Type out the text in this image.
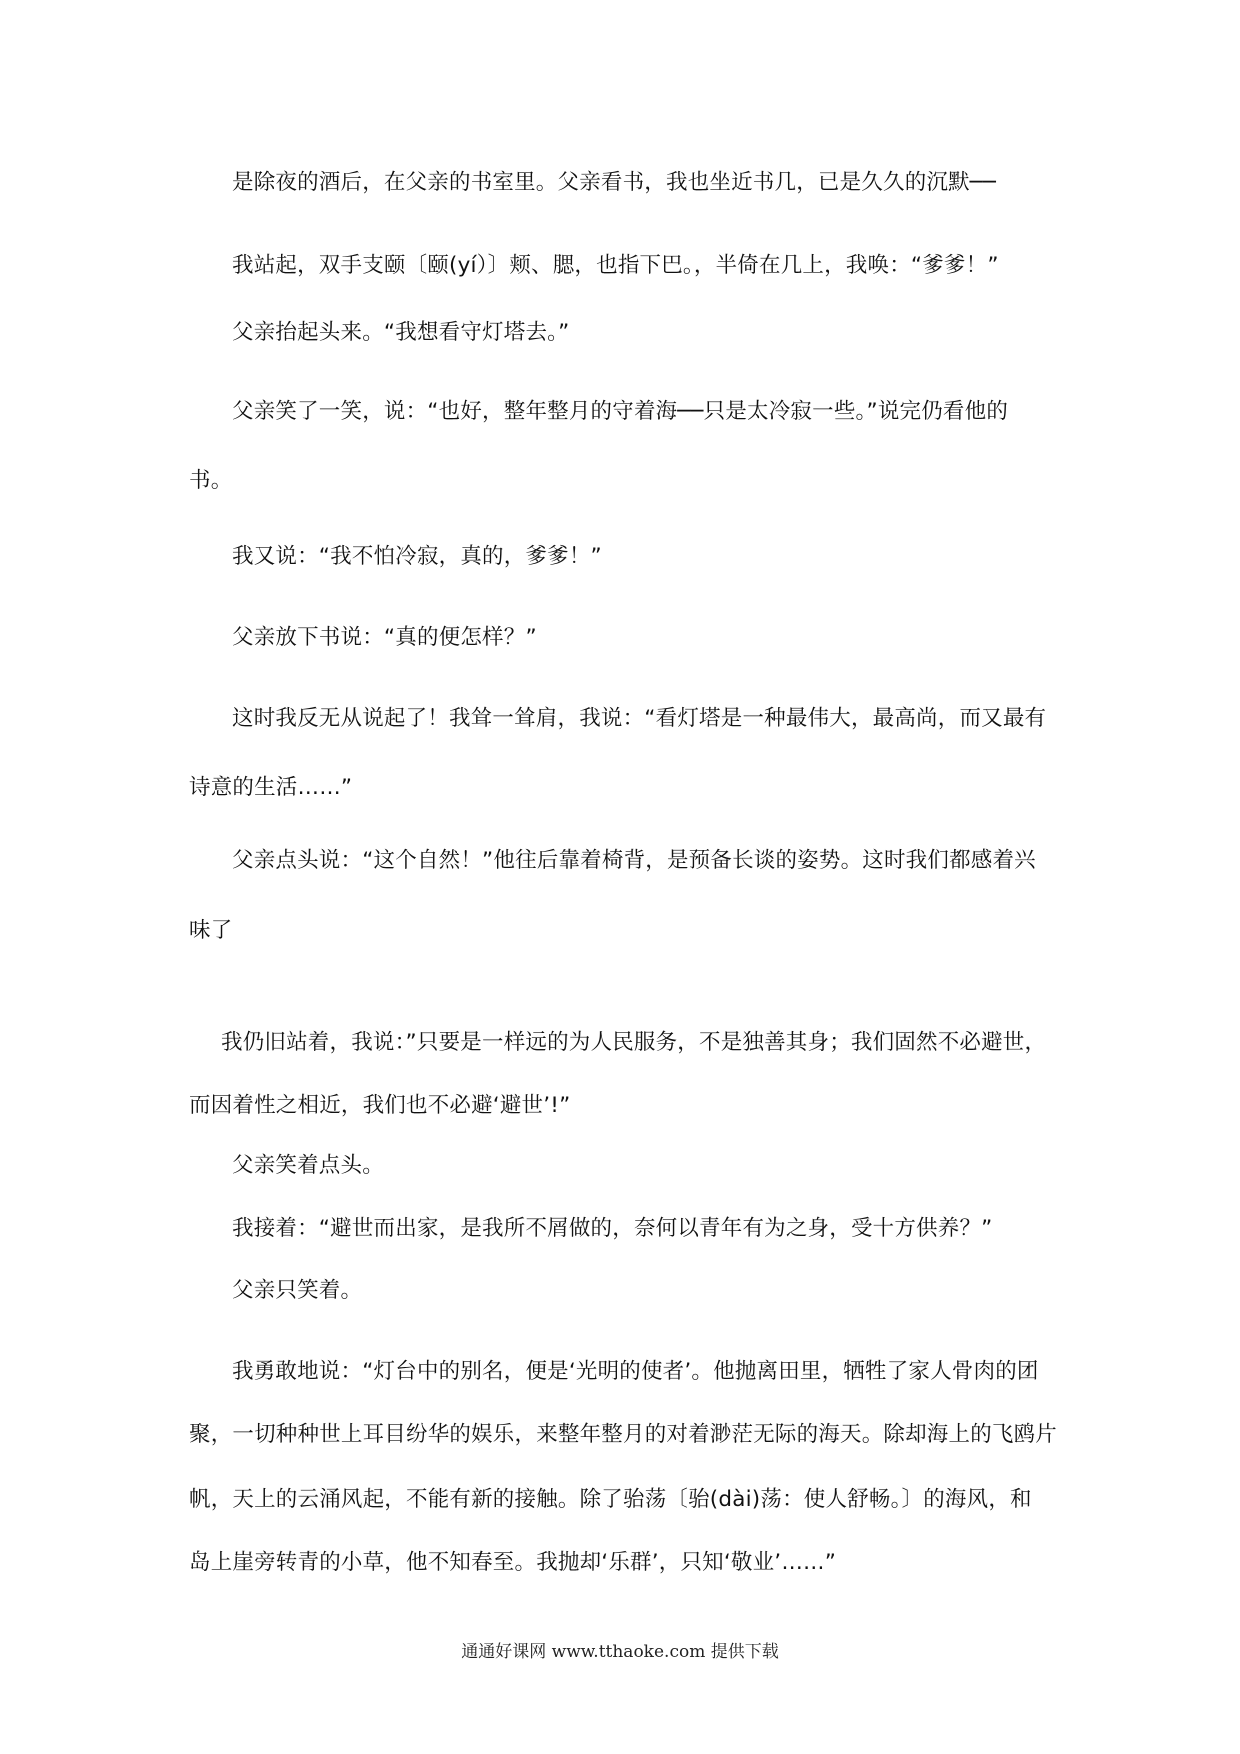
是除夜的酒后，在父亲的书室里。父亲看书，我也坐近书几，已是久久的沉默──
我站起，双手支颐〔颐(yí）〕颊、腮，也指下巴。，半倚在几上，我唤：“爹爹！”
父亲抬起头来。“我想看守灯塔去。”
父亲笑了一笑，说：“也好，整年整月的守着海──只是太冷寂一些。”说完仍看他的
书。
我又说：“我不怕冷寂，真的，爹爹！”
父亲放下书说：“真的便怎样？”
这时我反无从说起了！我耸一耸肩，我说：“看灯塔是一种最伟大，最高尚，而又最有
诗意的生活……”
父亲点头说：“这个自然！”他往后靠着椅背，是预备长谈的姿势。这时我们都感着兴
味了
我仍旧站着，我说：”只要是一样远的为人民服务，不是独善其身；我们固然不必避世，
而因着性之相近，我们也不必避‘避世’!”
父亲笑着点头。
我接着：“避世而出家，是我所不屑做的，奈何以青年有为之身，受十方供养？”
父亲只笑着。
我勇敢地说：“灯台中的别名，便是‘光明的使者’。他抛离田里，牺牲了家人骨肉的团
聚，一切种种世上耳目纷华的娱乐，来整年整月的对着渺茫无际的海天。除却海上的飞鸥片
帆，天上的云涌风起，不能有新的接触。除了骀荡〔骀(dài)荡：使人舒畅。〕的海风，和
岛上崖旁转青的小草，他不知春至。我抛却‘乐群’，只知‘敬业’……”
通通好课网 www.tthaoke.com 提供下载
